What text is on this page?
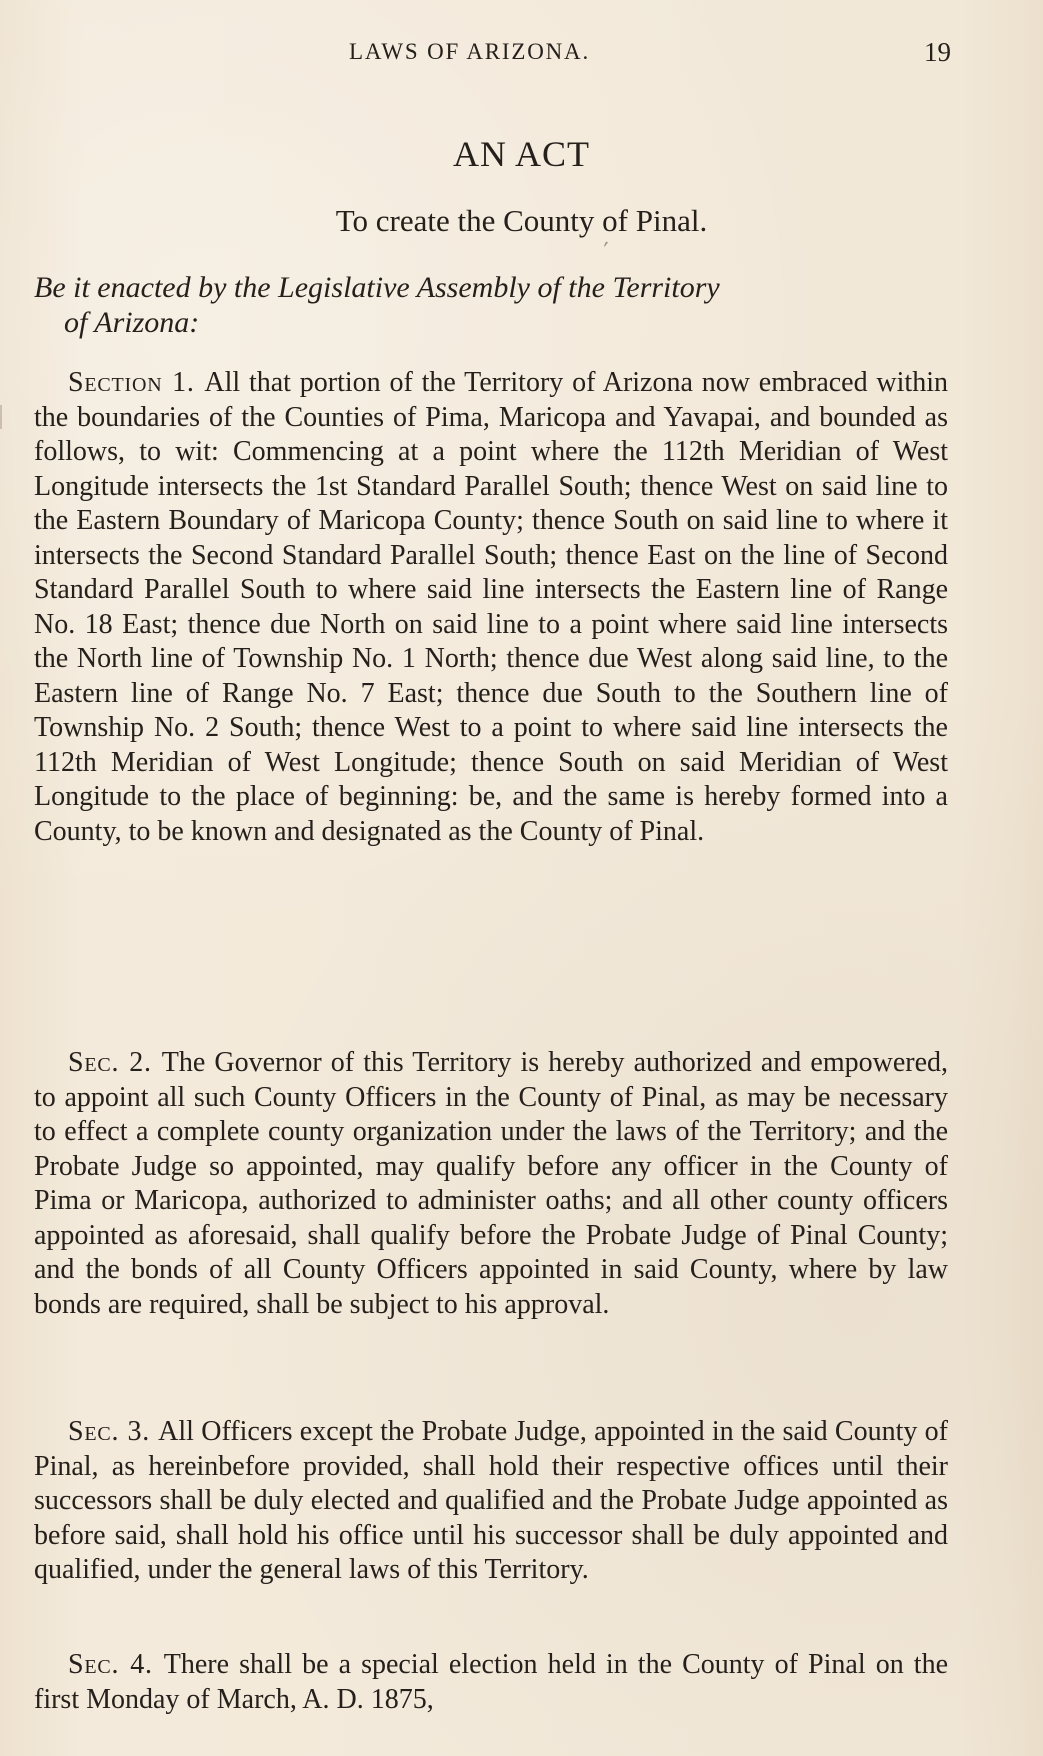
LAWS OF ARIZONA.	19
AN ACT
To create the County of Pinal.
ʹ

Be it enacted by the Legislative Assembly of the Territory
of Arizona:

Section 1. All that portion of the Territory of Arizona now embraced within the boundaries of the Counties of Pima, Maricopa and Yavapai, and bounded as follows, to wit: Commencing at a point where the 112th Meridian of West Longitude intersects the 1st Standard Parallel South; thence West on said line to the Eastern Boundary of Maricopa County; thence South on said line to where it intersects the Second Standard Parallel South; thence East on the line of Second Standard Parallel South to where said line intersects the Eastern line of Range No. 18 East; thence due North on said line to a point where said line intersects the North line of Township No. 1 North; thence due West along said line, to the Eastern line of Range No. 7 East; thence due South to the Southern line of Township No. 2 South; thence West to a point to where said line intersects the 112th Meridian of West Longitude; thence South on said Meridian of West Longitude to the place of beginning: be, and the same is hereby formed into a County, to be known and designated as the County of Pinal.

Sec. 2. The Governor of this Territory is hereby authorized and empowered, to appoint all such County Officers in the County of Pinal, as may be necessary to effect a complete county organization under the laws of the Territory; and the Probate Judge so appointed, may qualify before any officer in the County of Pima or Maricopa, authorized to administer oaths; and all other county officers appointed as aforesaid, shall qualify before the Probate Judge of Pinal County; and the bonds of all County Officers appointed in said County, where by law bonds are required, shall be subject to his approval.

Sec. 3. All Officers except the Probate Judge, appointed in the said County of Pinal, as hereinbefore provided, shall hold their respective offices until their successors shall be duly elected and qualified and the Probate Judge appointed as before said, shall hold his office until his successor shall be duly appointed and qualified, under the general laws of this Territory.

Sec. 4. There shall be a special election held in the County of Pinal on the first Monday of March, A. D. 1875,
